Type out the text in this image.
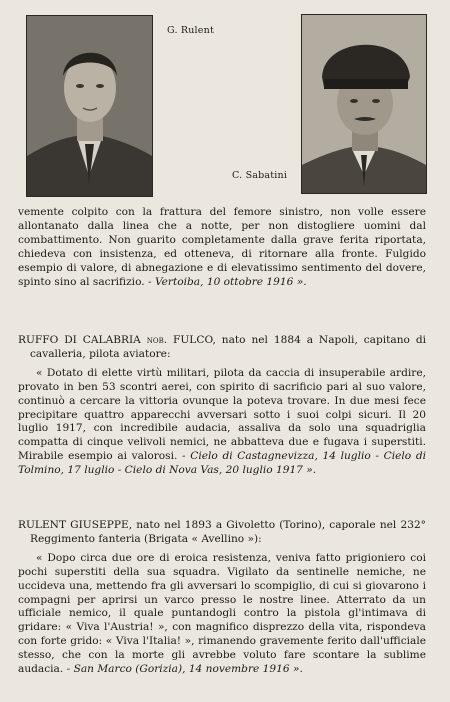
G. Rulent
C. Sabatini

vemente colpito con la frattura del femore sinistro, non volle essere allontanato dalla linea che a notte, per non distogliere uomini dal combattimento. Non guarito completamente dalla grave ferita riportata, chiedeva con insistenza, ed otteneva, di ritornare alla fronte. Fulgido esempio di valore, di abnegazione e di elevatissimo sentimento del dovere, spinto sino al sacrifizio. - Vertoiba, 10 ottobre 1916 ».

RUFFO DI CALABRIA nob. FULCO, nato nel 1884 a Napoli, capitano di cavalleria, pilota aviatore:

« Dotato di elette virtù militari, pilota da caccia di insuperabile ardire, provato in ben 53 scontri aerei, con spirito di sacrificio pari al suo valore, continuò a cercare la vittoria ovunque la poteva trovare. In due mesi fece precipitare quattro apparecchi avversari sotto i suoi colpi sicuri. Il 20 luglio 1917, con incredibile audacia, assaliva da solo una squadriglia compatta di cinque velivoli nemici, ne abbatteva due e fugava i superstiti. Mirabile esempio ai valorosi. - Cielo di Castagnevizza, 14 luglio - Cielo di Tolmino, 17 luglio - Cielo di Nova Vas, 20 luglio 1917 ».

RULENT GIUSEPPE, nato nel 1893 a Givoletto (Torino), caporale nel 232° Reggimento fanteria (Brigata « Avellino »):

« Dopo circa due ore di eroica resistenza, veniva fatto prigioniero coi pochi superstiti della sua squadra. Vigilato da sentinelle nemiche, ne uccideva una, mettendo fra gli avversari lo scompiglio, di cui si giovarono i compagni per aprirsi un varco presso le nostre linee. Atterrato da un ufficiale nemico, il quale puntandogli contro la pistola gl'intimava di gridare: « Viva l'Austria! », con magnifico disprezzo della vita, rispondeva con forte grido: « Viva l'Italia! », rimanendo gravemente ferito dall'ufficiale stesso, che con la morte gli avrebbe voluto fare scontare la sublime audacia. - San Marco (Gorizia), 14 novembre 1916 ».
